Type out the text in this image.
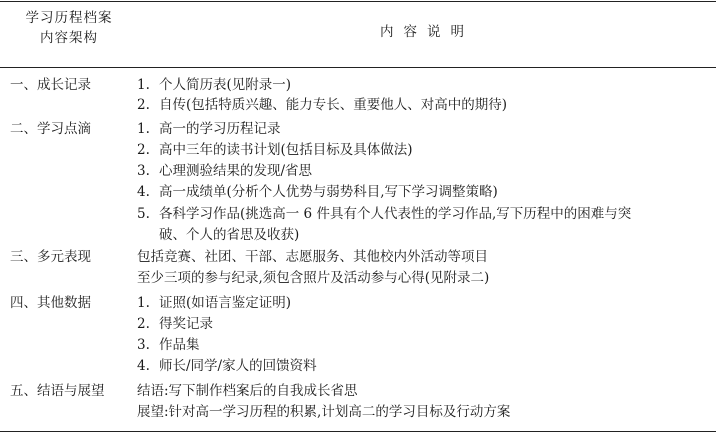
学习历程档案
内容架构	内容说明
一、成长记录	1. 个人简历表(见附录一)
2. 自传(包括特质兴趣、能力专长、重要他人、对高中的期待)
二、学习点滴	1. 高一的学习历程记录
2. 高中三年的读书计划(包括目标及具体做法)
3. 心理测验结果的发现/省思
4. 高一成绩单(分析个人优势与弱势科目,写下学习调整策略)
5. 各科学习作品(挑选高一 6 件具有个人代表性的学习作品,写下历程中的困难与突
破、个人的省思及收获)
三、多元表现	包括竞赛、社团、干部、志愿服务、其他校内外活动等项目
至少三项的参与纪录,须包含照片及活动参与心得(见附录二)
四、其他数据	1. 证照(如语言鉴定证明)
2. 得奖记录
3. 作品集
4. 师长/同学/家人的回馈资料
五、结语与展望 结语:写下制作档案后的自我成长省思
展望:针对高一学习历程的积累,计划高二的学习目标及行动方案
